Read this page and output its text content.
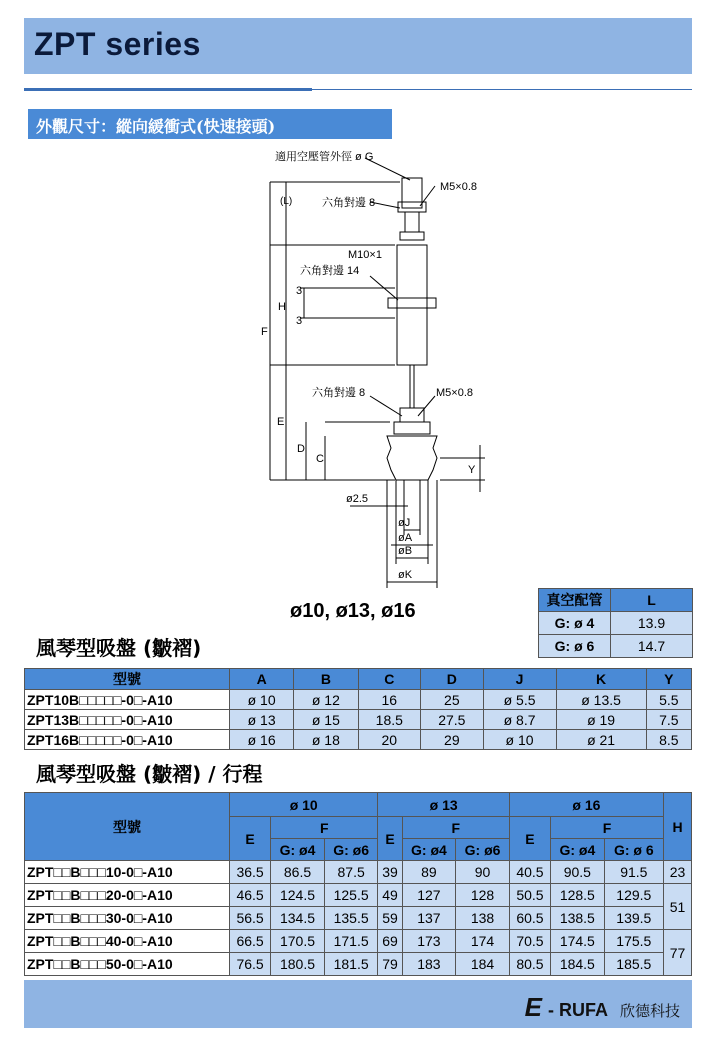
ZPT series
外觀尺寸：縱向緩衝式(快速接頭)
適用空壓管外徑 ø G
M5×0.8
六角對邊 8
M10×1
六角對邊 14
六角對邊 8	M5×0.8
ø2.5
øJ
øA
øB
øK
(L)
F
H
E
D
C
Y
3
3
ø10, ø13, ø16	真空配管	L
G: ø 4	13.9
G: ø 6	14.7
風琴型吸盤 (皺褶)
型號	A	B	C	D	J	K	Y
ZPT10B□□□□□-0□-A10	ø 10	ø 12	16	25	ø 5.5	ø 13.5	5.5
ZPT13B□□□□□-0□-A10	ø 13	ø 15	18.5	27.5	ø 8.7	ø 19	7.5
ZPT16B□□□□□-0□-A10	ø 16	ø 18	20	29	ø 10	ø 21	8.5
風琴型吸盤 (皺褶) / 行程
型號	ø 10			ø 13			ø 16			H
	E	F		E	F		E	F		
		G: ø4	G: ø6		G: ø4	G: ø6		G: ø4	G: ø 6	
ZPT□□B□□□10-0□-A10	36.5	86.5	87.5	39	89	90	40.5	90.5	91.5	23
ZPT□□B□□□20-0□-A10	46.5	124.5	125.5	49	127	128	50.5	128.5	129.5	51
ZPT□□B□□□30-0□-A10	56.5	134.5	135.5	59	137	138	60.5	138.5	139.5	
ZPT□□B□□□40-0□-A10	66.5	170.5	171.5	69	173	174	70.5	174.5	175.5	77
ZPT□□B□□□50-0□-A10	76.5	180.5	181.5	79	183	184	80.5	184.5	185.5	
E - RUFA 欣德科技
